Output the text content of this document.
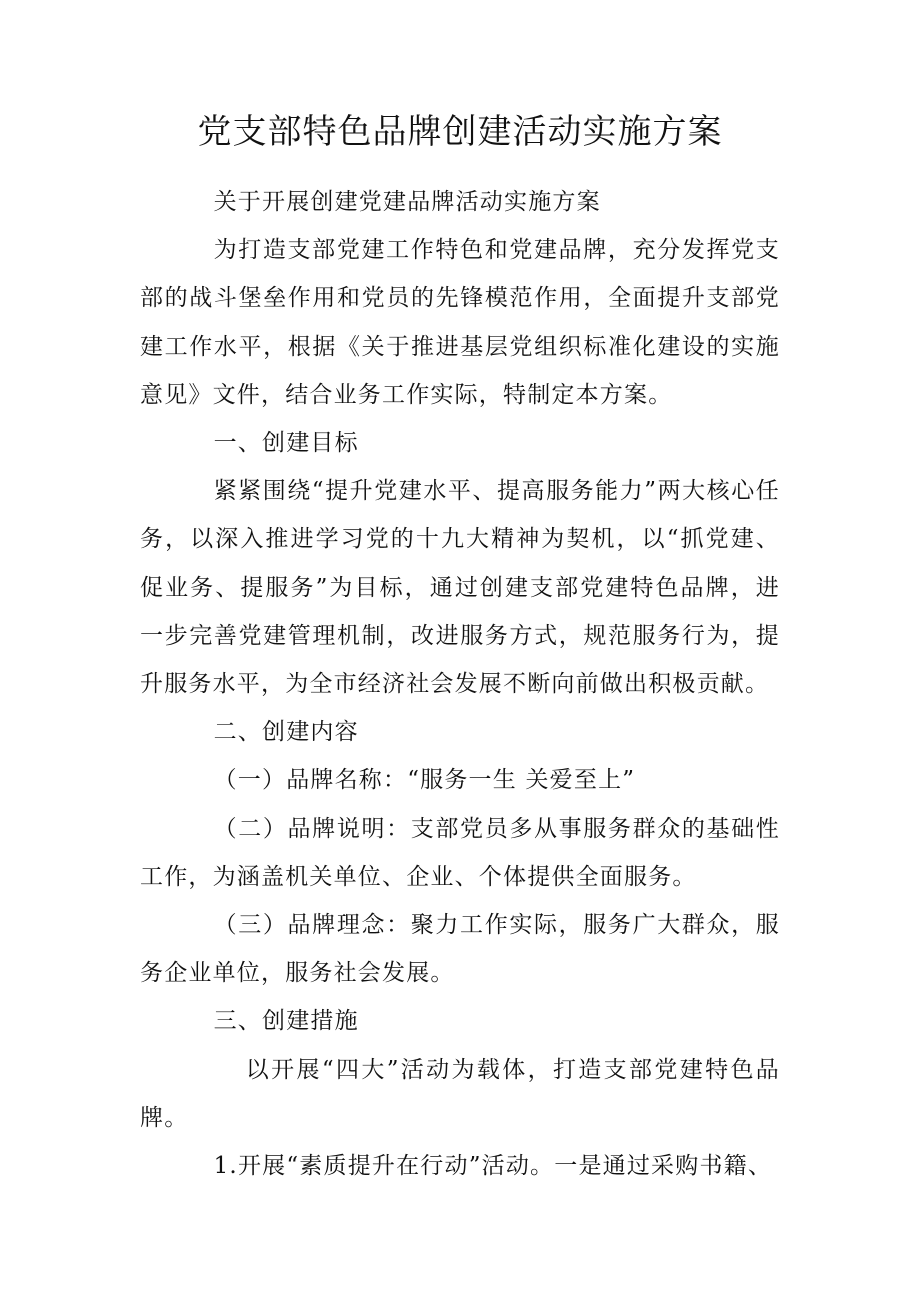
党支部特色品牌创建活动实施方案

关于开展创建党建品牌活动实施方案

为打造支部党建工作特色和党建品牌，充分发挥党支部的战斗堡垒作用和党员的先锋模范作用，全面提升支部党建工作水平，根据《关于推进基层党组织标准化建设的实施意见》文件，结合业务工作实际，特制定本方案。

一、创建目标

紧紧围绕“提升党建水平、提高服务能力”两大核心任务，以深入推进学习党的十九大精神为契机，以“抓党建、促业务、提服务”为目标，通过创建支部党建特色品牌，进一步完善党建管理机制，改进服务方式，规范服务行为，提升服务水平，为全市经济社会发展不断向前做出积极贡献。

二、创建内容

（一）品牌名称：“服务一生 关爱至上”

（二）品牌说明：支部党员多从事服务群众的基础性工作，为涵盖机关单位、企业、个体提供全面服务。

（三）品牌理念：聚力工作实际，服务广大群众，服务企业单位，服务社会发展。

三、创建措施

以开展“四大”活动为载体，打造支部党建特色品牌。

1.开展“素质提升在行动”活动。一是通过采购书籍、
